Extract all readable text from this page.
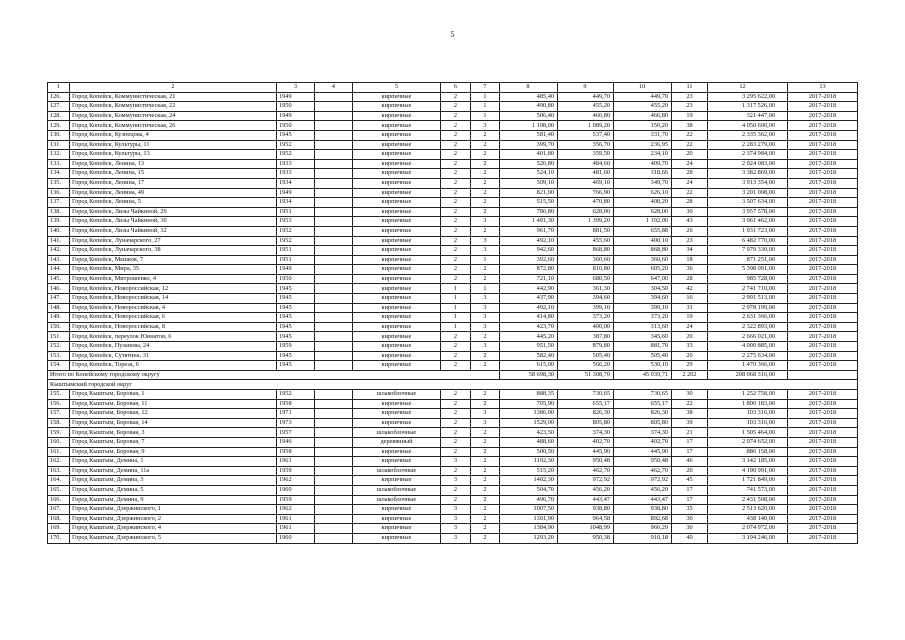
5
1	2	3	4	5	6	7	8	9	10	11	12	13
126.	Город Копейск, Коммунистическая, 21	1949		кирпичные	2	1	485,40	449,70	449,70	23	3 295 622,00	2017-2018
127.	Город Копейск, Коммунистическая, 22	1950		кирпичные	2	1	490,80	455,20	455,20	23	1 317 526,00	2017-2018
128.	Город Копейск, Коммунистическая, 24	1949		кирпичные	2	1	506,40	466,80	466,80	19	321 447,00	2017-2018
129.	Город Копейск, Коммунистическая, 26	1950		кирпичные	2	3	1 198,00	1 089,20	150,20	38	4 050 690,00	2017-2018
130.	Город Копейск, Кузнецова, 4	1945		кирпичные	2	2	581,40	537,40	331,70	22	2 335 362,00	2017-2018
131.	Город Копейск, Культуры, 11	1952		кирпичные	2	2	399,70	356,70	236,95	22	2 283 279,00	2017-2018
132.	Город Копейск, Культуры, 13	1952		кирпичные	2	2	401,80	359,50	234,10	20	2 374 984,00	2017-2018
133.	Город Копейск, Ленина, 13	1933		кирпичные	2	2	526,80	484,60	409,70	24	2 024 083,00	2017-2018
134.	Город Копейск, Ленина, 15	1933		кирпичные	2	2	524,10	481,60	318,66	28	3 382 869,00	2017-2018
135.	Город Копейск, Ленина, 17	1934		кирпичные	2	2	509,10	469,10	349,70	24	3 913 354,00	2017-2018
136.	Город Копейск, Ленина, 49	1949		кирпичные	2	2	821,00	766,90	626,10	22	3 201 008,00	2017-2018
137.	Город Копейск, Ленина, 5	1934		кирпичные	2	2	515,50	470,80	408,20	28	3 507 634,00	2017-2018
138.	Город Копейск, Лизы Чайкиной, 29	1951		кирпичные	2	2	786,80	628,00	628,00	30	3 957 578,00	2017-2018
139.	Город Копейск, Лизы Чайкиной, 30	1953		кирпичные	2	3	1 491,30	1 399,20	1 192,00	43	3 961 462,00	2017-2018
140.	Город Копейск, Лизы Чайкиной, 32	1952		кирпичные	2	2	961,70	881,50	655,88	26	1 931 723,00	2017-2018
141.	Город Копейск, Луначарского, 27	1952		кирпичные	2	3	492,10	455,60	400,10	23	6 482 770,00	2017-2018
142.	Город Копейск, Луначарского, 38	1951		кирпичные	2	3	942,60	868,80	868,80	34	7 979 330,00	2017-2018
143.	Город Копейск, Мешков, 7	1951		кирпичные	2	1	392,60	360,60	360,60	18	871 251,00	2017-2018
144.	Город Копейск, Мира, 35	1949		кирпичные	2	2	872,80	810,80	605,20	36	5 398 091,00	2017-2018
145.	Город Копейск, Митрошенко, 4	1950		кирпичные	2	2	721,10	680,50	647,00	28	985 728,00	2017-2018
146.	Город Копейск, Новороссийская, 12	1945		кирпичные	1	1	442,90	361,30	304,50	42	2 741 710,00	2017-2018
147.	Город Копейск, Новороссийская, 14	1945		кирпичные	1	3	437,90	394,60	394,60	16	2 991 513,00	2017-2018
148.	Город Копейск, Новороссийская, 4	1945		кирпичные	1	3	492,10	399,10	399,10	31	2 978 199,00	2017-2018
149.	Город Копейск, Новороссийская, 6	1945		кирпичные	1	3	414,80	373,20	373,20	19	2 631 366,00	2017-2018
150.	Город Копейск, Новороссийская, 8	1945		кирпичные	1	3	423,70	400,00	313,60	24	2 322 893,00	2017-2018
151.	Город Копейск, переулок Юннатов, 6	1945		кирпичные	2	2	445,20	387,80	345,60	20	2 666 021,00	2017-2018
152.	Город Копейск, Пузанова, 24	1959		кирпичные	2	3	951,50	879,80	881,70	33	4 000 885,00	2017-2018
153.	Город Копейск, Сутягина, 31	1945		кирпичные	2	2	582,40	505,40	505,40	20	2 275 634,00	2017-2018
154.	Город Копейск, Тореза, 6	1945		кирпичные	2	2	615,00	566,20	530,10	29	1 470 366,00	2017-2018
Итого по Копейскому городскому округу							58 698,30	51 308,70	45 039,71	2 202	208 068 316,00	
Кыштымский городской округ												
155.	Город Кыштым, Боровая, 1	1952		шлакоблочные	2	2	888,35	730,65	730,65	30	1 252 758,00	2017-2018
156.	Город Кыштым, Боровая, 11	1958		кирпичные	2	2	705,90	655,17	655,17	22	1 800 183,00	2017-2018
157.	Город Кыштым, Боровая, 12	1971		кирпичные	2	3	1386,00	826,30	826,30	38	103 316,00	2017-2018
158.	Город Кыштым, Боровая, 14	1973		кирпичные	2	3	1529,00	805,80	805,80	39	103 316,00	2017-2018
159.	Город Кыштым, Боровая, 3	1957		шлакоблочные	2	2	423,50	374,30	374,30	21	1 505 464,00	2017-2018
160.	Город Кыштым, Боровая, 7	1946		деревянный	2	2	488,60	402,70	402,70	17	2 074 652,00	2017-2018
161.	Город Кыштым, Боровая, 9	1958		кирпичные	2	2	500,50	445,90	445,90	17	886 158,00	2017-2018
162.	Город Кыштым, Демина, 1	1961		кирпичные	3	2	1192,30	950,48	950,48	46	3 142 185,00	2017-2018
163.	Город Кыштым, Демина, 11а	1959		шлакоблочные	2	2	515,20	462,70	462,70	20	4 190 991,00	2017-2018
164.	Город Кыштым, Демина, 3	1962		кирпичные	3	2	1402,30	972,92	972,92	45	1 721 849,00	2017-2018
165.	Город Кыштым, Демина, 5	1960		шлакоблочные	2	2	504,70	456,20	456,20	17	741 573,00	2017-2018
166.	Город Кыштым, Демина, 9	1959		шлакоблочные	2	2	496,70	443,47	443,47	17	2 431 508,00	2017-2018
167.	Город Кыштым, Дзержинского, 1	1962		кирпичные	3	2	1007,50	938,80	938,80	35	2 513 620,00	2017-2018
168.	Город Кыштым, Дзержинского, 2	1961		кирпичные	3	2	1301,90	964,58	892,68	30	438 140,00	2017-2018
169.	Город Кыштым, Дзержинского, 4	1961		кирпичные	3	2	1384,90	1048,99	966,29	30	2 074 972,00	2017-2018
170.	Город Кыштым, Дзержинского, 5	1960		кирпичные	3	2	1293,20	950,38	910,18	40	3 194 246,00	2017-2018
